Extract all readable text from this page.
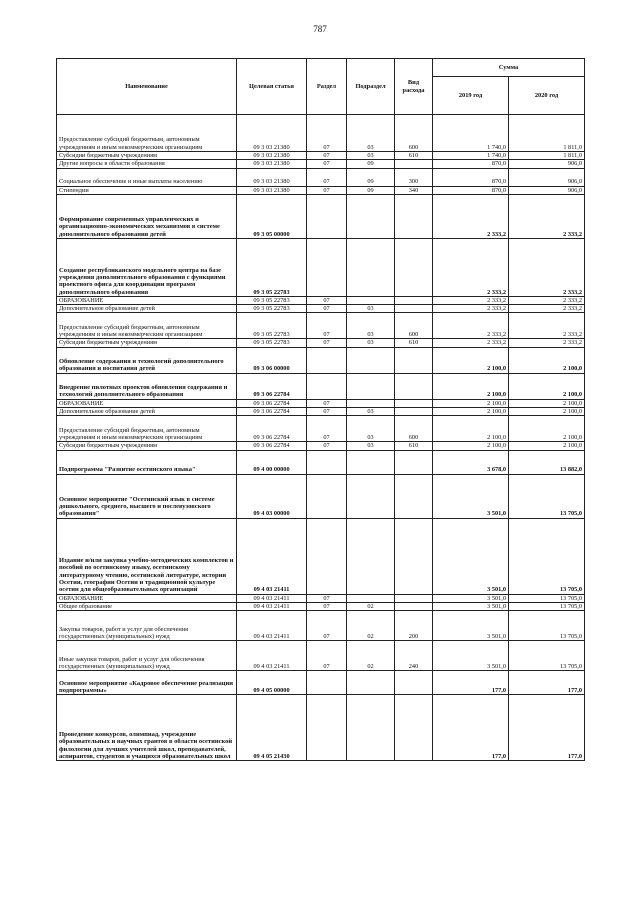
787
Наименование	Целевая статья	Раздел	Подраздел	Вид расхода	Сумма	
					2019 год	2020 год
Предоставление субсидий бюджетным, автономным учреждениям и иным некоммерческим организациям	09 3 03 21380	07	03	600	1 740,0	1 811,0
Субсидии бюджетным учреждениям	09 3 03 21380	07	03	610	1 740,0	1 811,0
Другие вопросы в области образования	09 3 03 21380	07	09		870,0	906,0
Социальное обеспечение и иные выплаты населению	09 3 03 21380	07	09	300	870,0	906,0
Стипендии	09 3 03 21380	07	09	340	870,0	906,0
Формирование современных управленческих и организационно-экономических механизмов в системе дополнительного образования детей	09 3 05 00000				2 333,2	2 333,2
Создание республиканского модельного центра на базе учреждения дополнительного образования с функциями проектного офиса для координации программ дополнительного образования	09 3 05 22783				2 333,2	2 333,2
ОБРАЗОВАНИЕ	09 3 05 22783	07			2 333,2	2 333,2
Дополнительное образование детей	09 3 05 22783	07	03		2 333,2	2 333,2
Предоставление субсидий бюджетным, автономным учреждениям и иным некоммерческим организациям	09 3 05 22783	07	03	600	2 333,2	2 333,2
Субсидии бюджетным учреждениям	09 3 05 22783	07	03	610	2 333,2	2 333,2
Обновление содержания и технологий дополнительного образования и воспитания детей	09 3 06 00000				2 100,0	2 100,0
Внедрение пилотных проектов обновления содержания и технологий дополнительного образования	09 3 06 22784				2 100,0	2 100,0
ОБРАЗОВАНИЕ	09 3 06 22784	07			2 100,0	2 100,0
Дополнительное образование детей	09 3 06 22784	07	03		2 100,0	2 100,0
Предоставление субсидий бюджетным, автономным учреждениям и иным некоммерческим организациям	09 3 06 22784	07	03	600	2 100,0	2 100,0
Субсидии бюджетным учреждениям	09 3 06 22784	07	03	610	2 100,0	2 100,0
Подпрограмма "Развитие осетинского языка"	09 4 00 00000				3 678,0	13 882,0
Основное мероприятие "Осетинский язык в системе дошкольного, среднего, высшего и послевузовского образования"	09 4 03 00000				3 501,0	13 705,0
Издание и/или закупка учебно-методических комплектов и пособий по осетинскому языку, осетинскому литературному чтению, осетинской литературе, истории Осетии, географии Осетии и традиционной культуре осетин для общеобразовательных организаций	09 4 03 21411				3 501,0	13 705,0
ОБРАЗОВАНИЕ	09 4 03 21411	07			3 501,0	13 705,0
Общее образование	09 4 03 21411	07	02		3 501,0	13 705,0
Закупка товаров, работ и услуг для обеспечения государственных (муниципальных) нужд	09 4 03 21411	07	02	200	3 501,0	13 705,0
Иные закупки товаров, работ и услуг для обеспечения государственных (муниципальных) нужд	09 4 03 21411	07	02	240	3 501,0	13 705,0
Основное мероприятие «Кадровое обеспечение реализации подпрограммы»	09 4 05 00000				177,0	177,0
Проведение конкурсов, олимпиад, учреждение образовательных и научных грантов в области осетинской филологии для лучших учителей школ, преподавателей, аспирантов, студентов и учащихся образовательных школ	09 4 05 21430				177,0	177,0
